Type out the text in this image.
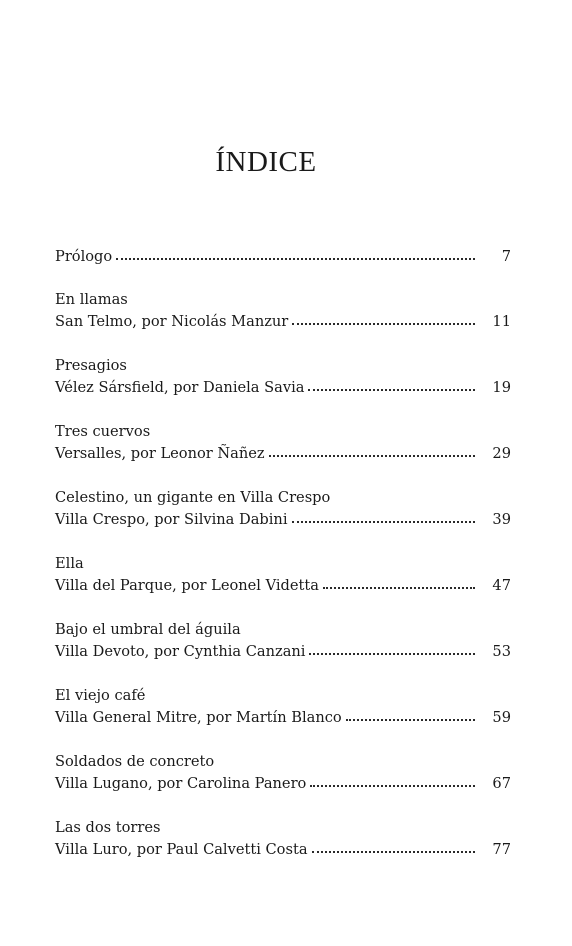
ÍNDICE
Prólogo	7
En llamas
San Telmo, por Nicolás Manzur	11
Presagios
Vélez Sársfield, por Daniela Savia	19
Tres cuervos
Versalles, por Leonor Ñañez	29
Celestino, un gigante en Villa Crespo
Villa Crespo, por Silvina Dabini	39
Ella
Villa del Parque, por Leonel Videtta	47
Bajo el umbral del águila
Villa Devoto, por Cynthia Canzani	53
El viejo café
Villa General Mitre, por Martín Blanco	59
Soldados de concreto
Villa Lugano, por Carolina Panero	67
Las dos torres
Villa Luro, por Paul Calvetti Costa	77
